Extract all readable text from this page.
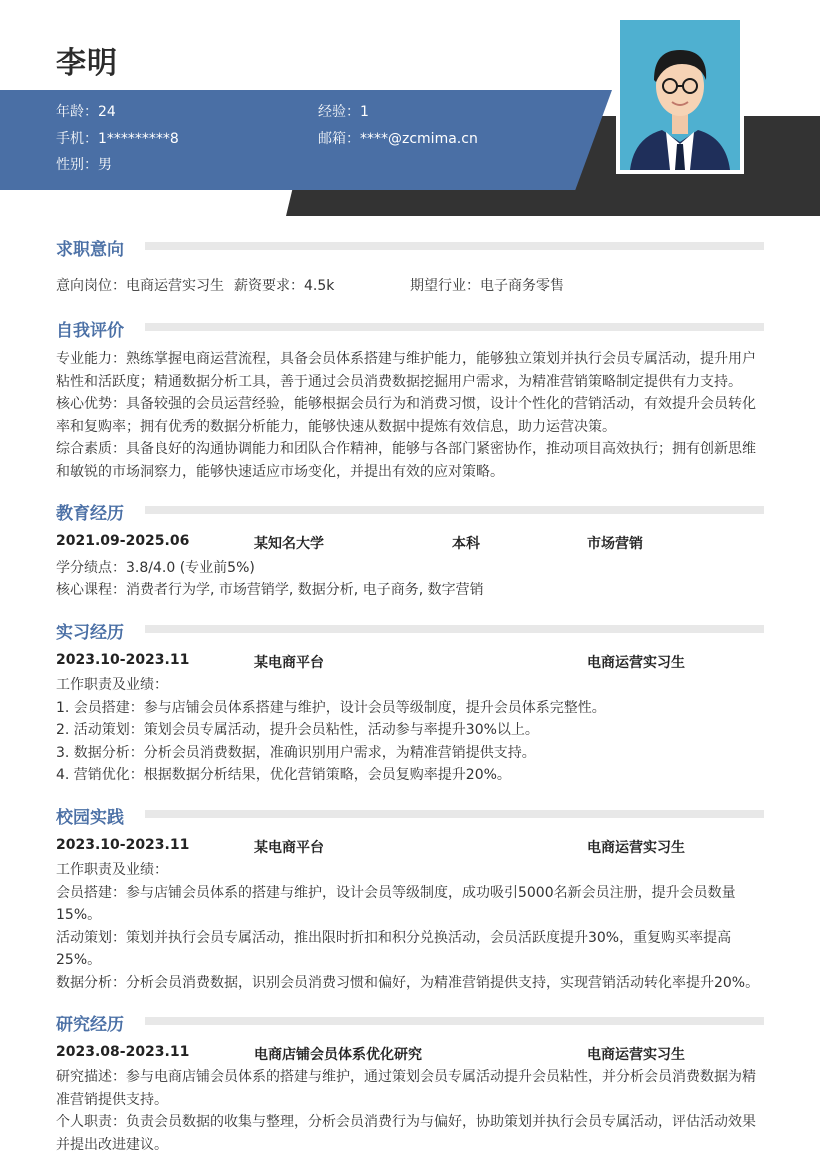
李明
年龄：24	经验：1
手机：1*********8	邮箱：****@zcmima.cn
性别：男
求职意向
意向岗位：电商运营实习生 薪资要求：4.5k	期望行业：电子商务零售
自我评价
专业能力：熟练掌握电商运营流程，具备会员体系搭建与维护能力，能够独立策划并执行会员专属活动，提升用户粘性和活跃度；精通数据分析工具，善于通过会员消费数据挖掘用户需求，为精准营销策略制定提供有力支持。
核心优势：具备较强的会员运营经验，能够根据会员行为和消费习惯，设计个性化的营销活动，有效提升会员转化率和复购率；拥有优秀的数据分析能力，能够快速从数据中提炼有效信息，助力运营决策。
综合素质：具备良好的沟通协调能力和团队合作精神，能够与各部门紧密协作，推动项目高效执行；拥有创新思维和敏锐的市场洞察力，能够快速适应市场变化，并提出有效的应对策略。
教育经历
2021.09-2025.06	某知名大学	本科	市场营销
学分绩点：3.8/4.0 (专业前5%)
核心课程：消费者行为学, 市场营销学, 数据分析, 电子商务, 数字营销
实习经历
2023.10-2023.11	某电商平台	电商运营实习生
工作职责及业绩：
1. 会员搭建：参与店铺会员体系搭建与维护，设计会员等级制度，提升会员体系完整性。
2. 活动策划：策划会员专属活动，提升会员粘性，活动参与率提升30%以上。
3. 数据分析：分析会员消费数据，准确识别用户需求，为精准营销提供支持。
4. 营销优化：根据数据分析结果，优化营销策略，会员复购率提升20%。
校园实践
2023.10-2023.11	某电商平台	电商运营实习生
工作职责及业绩：
会员搭建：参与店铺会员体系的搭建与维护，设计会员等级制度，成功吸引5000名新会员注册，提升会员数量15%。
活动策划：策划并执行会员专属活动，推出限时折扣和积分兑换活动，会员活跃度提升30%，重复购买率提高25%。
数据分析：分析会员消费数据，识别会员消费习惯和偏好，为精准营销提供支持，实现营销活动转化率提升20%。
研究经历
2023.08-2023.11	电商店铺会员体系优化研究	电商运营实习生
研究描述：参与电商店铺会员体系的搭建与维护，通过策划会员专属活动提升会员粘性，并分析会员消费数据为精准营销提供支持。
个人职责：负责会员数据的收集与整理，分析会员消费行为与偏好，协助策划并执行会员专属活动，评估活动效果并提出改进建议。
